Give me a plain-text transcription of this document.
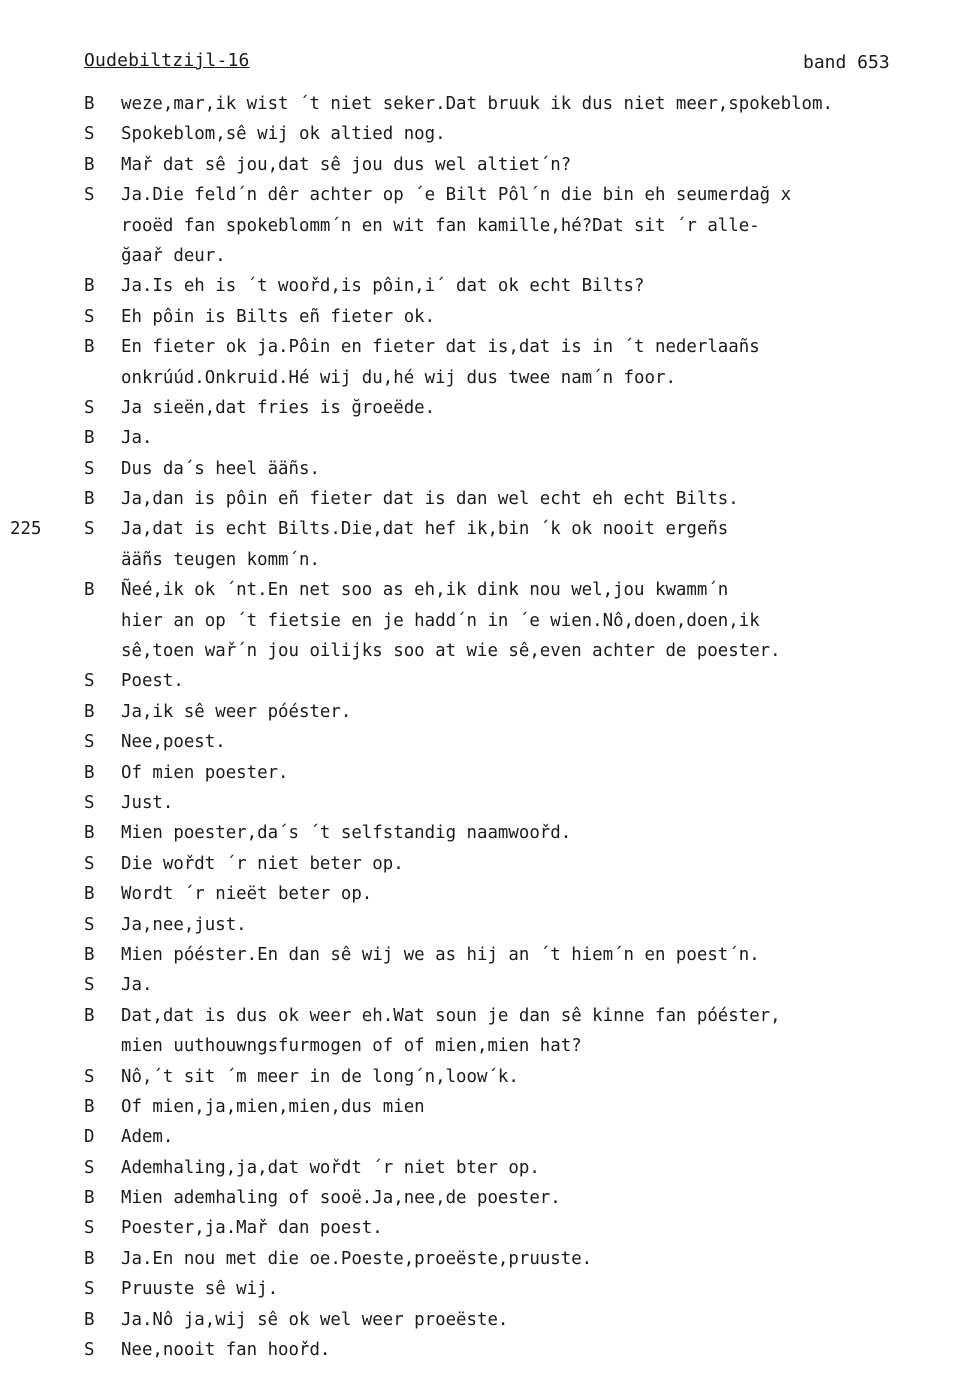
Oudebiltzijl-16	band 653
B	weze,mar,ik wist ´t niet seker.Dat bruuk ik dus niet meer,spokeblom.
S	Spokeblom,sê wij ok altied nog.
B	Mař dat sê jou,dat sê jou dus wel altiet´n?
S	Ja.Die feld´n dêr achter op ´e Bilt Pôl´n die bin eh seumerdağ x
rooëd fan spokeblomm´n en wit fan kamille,hé?Dat sit ´r alle-
ğaař deur.
B	Ja.Is eh is ´t woořd,is pôin,i´ dat ok echt Bilts?
S	Eh pôin is Bilts eñ fieter ok.
B	En fieter ok ja.Pôin en fieter dat is,dat is in ´t nederlaañs
onkrúúd.Onkruid.Hé wij du,hé wij dus twee nam´n foor.
S	Ja sieën,dat fries is ğroeëde.
B	Ja.
S	Dus da´s heel ääñs.
B	Ja,dan is pôin eñ fieter dat is dan wel echt eh echt Bilts.
225 S	Ja,dat is echt Bilts.Die,dat hef ik,bin ´k ok nooit ergeñs
ääñs teugen komm´n.
B	Ñeé,ik ok ´nt.En net soo as eh,ik dink nou wel,jou kwamm´n
hier an op ´t fietsie en je hadd´n in ´e wien.Nô,doen,doen,ik
sê,toen wař´n jou oilijks soo at wie sê,even achter de poester.
S	Poest.
B	Ja,ik sê weer póéster.
S	Nee,poest.
B	Of mien poester.
S	Just.
B	Mien poester,da´s ´t selfstandig naamwoořd.
S	Die wořdt ´r niet beter op.
B	Wordt ´r nieët beter op.
S	Ja,nee,just.
B	Mien póéster.En dan sê wij we as hij an ´t hiem´n en poest´n.
S	Ja.
B	Dat,dat is dus ok weer eh.Wat soun je dan sê kinne fan póéster,
mien uuthouwngsfurmogen of of mien,mien hat?
S	Nô,´t sit ´m meer in de long´n,loow´k.
B	Of mien,ja,mien,mien,dus mien
D	Adem.
S	Ademhaling,ja,dat wořdt ´r niet bter op.
B	Mien ademhaling of sooë.Ja,nee,de poester.
S	Poester,ja.Mař dan poest.
B	Ja.En nou met die oe.Poeste,proeëste,pruuste.
S	Pruuste sê wij.
B	Ja.Nô ja,wij sê ok wel weer proeëste.
S	Nee,nooit fan hoořd.
